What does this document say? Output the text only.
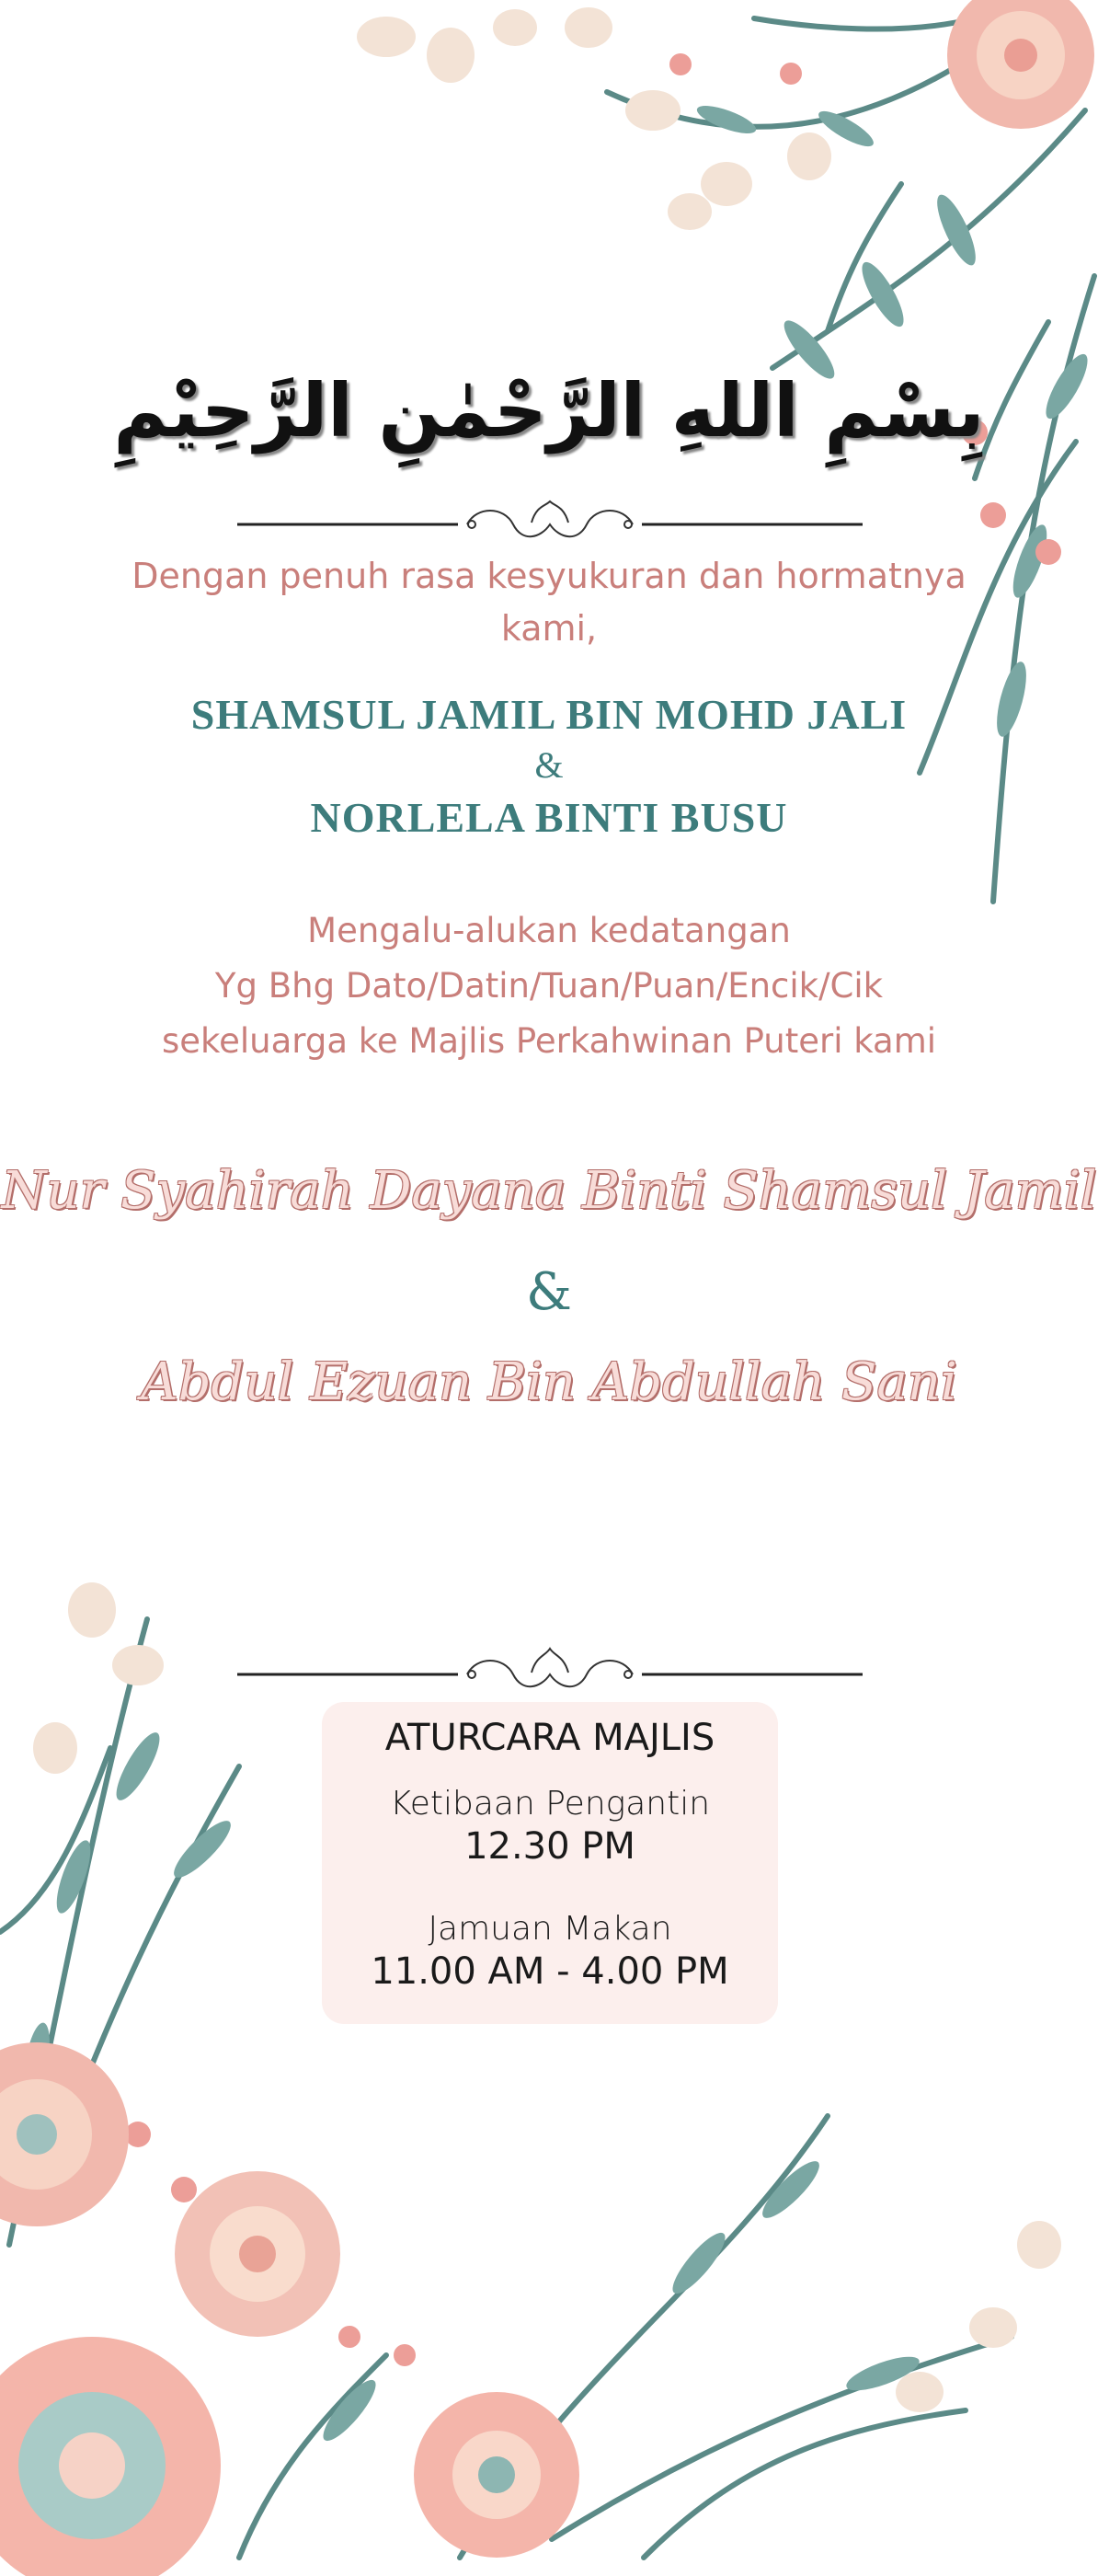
بِسْمِ اللهِ الرَّحْمٰنِ الرَّحِيْمِ
Dengan penuh rasa kesyukuran dan hormatnya kami,
SHAMSUL JAMIL BIN MOHD JALI
&
NORLELA BINTI BUSU
Mengalu-alukan kedatangan
Yg Bhg Dato/Datin/Tuan/Puan/Encik/Cik
sekeluarga ke Majlis Perkahwinan Puteri kami
Nur Syahirah Dayana Binti Shamsul Jamil
&
Abdul Ezuan Bin Abdullah Sani
ATURCARA MAJLIS
Ketibaan Pengantin
12.30 PM
Jamuan Makan
11.00 AM - 4.00 PM
